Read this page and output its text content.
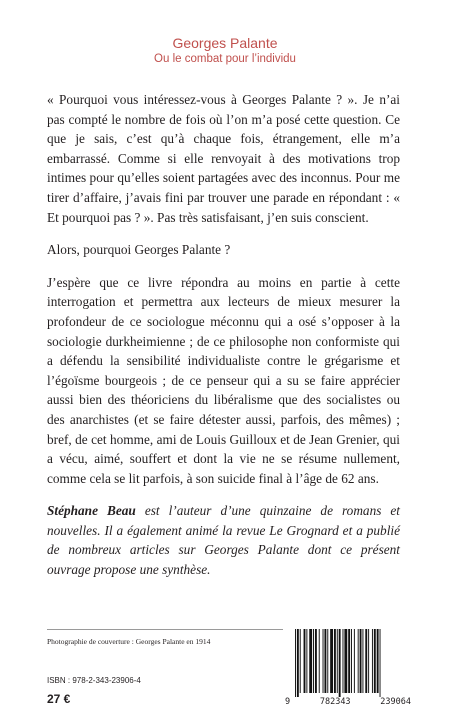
Georges Palante
Ou le combat pour l’individu

« Pourquoi vous intéressez-vous à Georges Palante ? ». Je n’ai pas compté le nombre de fois où l’on m’a posé cette question. Ce que je sais, c’est qu’à chaque fois, étrangement, elle m’a embarrassé. Comme si elle renvoyait à des motivations trop intimes pour qu’elles soient partagées avec des inconnus. Pour me tirer d’affaire, j’avais fini par trouver une parade en répondant : « Et pourquoi pas ? ». Pas très satisfaisant, j’en suis conscient.

Alors, pourquoi Georges Palante ?

J’espère que ce livre répondra au moins en partie à cette interrogation et permettra aux lecteurs de mieux mesurer la profondeur de ce sociologue méconnu qui a osé s’opposer à la sociologie durkheimienne ; de ce philosophe non conformiste qui a défendu la sensibilité individualiste contre le grégarisme et l’égoïsme bourgeois ; de ce penseur qui a su se faire apprécier aussi bien des théoriciens du libéralisme que des socialistes ou des anarchistes (et se faire détester aussi, parfois, des mêmes) ; bref, de cet homme, ami de Louis Guilloux et de Jean Grenier, qui a vécu, aimé, souffert et dont la vie ne se résume nullement, comme cela se lit parfois, à son suicide final à l’âge de 62 ans.

Stéphane Beau est l’auteur d’une quinzaine de romans et nouvelles. Il a également animé la revue Le Grognard et a publié de nombreux articles sur Georges Palante dont ce présent ouvrage propose une synthèse.

Photographie de couverture : Georges Palante en 1914
ISBN : 978-2-343-23906-4
27 €	9	782343	239064
